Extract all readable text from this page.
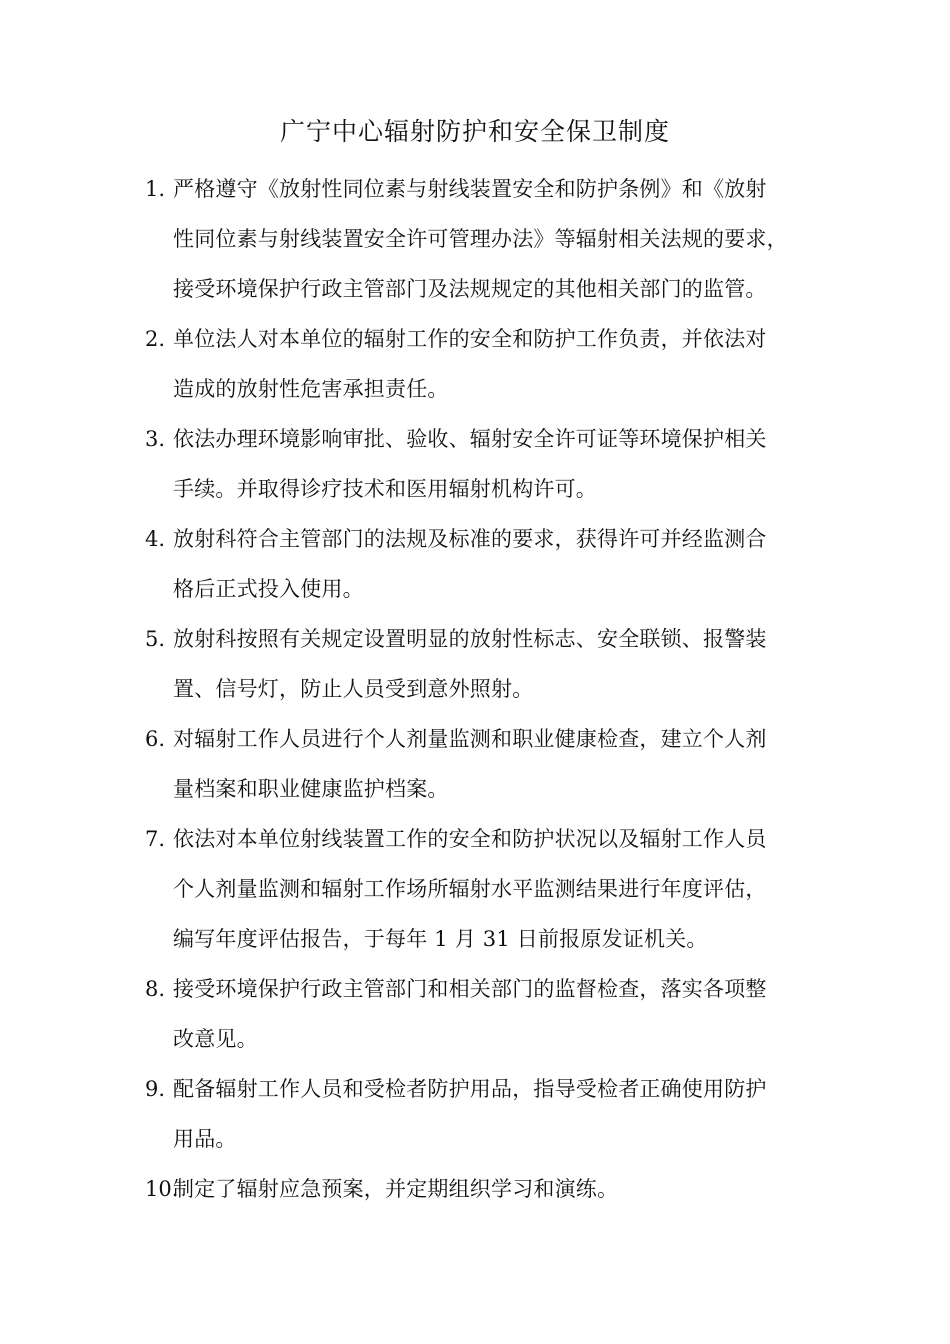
广宁中心辐射防护和安全保卫制度
1. 严格遵守《放射性同位素与射线装置安全和防护条例》和《放射
性同位素与射线装置安全许可管理办法》等辐射相关法规的要求，
接受环境保护行政主管部门及法规规定的其他相关部门的监管。
2. 单位法人对本单位的辐射工作的安全和防护工作负责，并依法对
造成的放射性危害承担责任。
3. 依法办理环境影响审批、验收、辐射安全许可证等环境保护相关
手续。并取得诊疗技术和医用辐射机构许可。
4. 放射科符合主管部门的法规及标准的要求，获得许可并经监测合
格后正式投入使用。
5. 放射科按照有关规定设置明显的放射性标志、安全联锁、报警装
置、信号灯，防止人员受到意外照射。
6. 对辐射工作人员进行个人剂量监测和职业健康检查，建立个人剂
量档案和职业健康监护档案。
7. 依法对本单位射线装置工作的安全和防护状况以及辐射工作人员
个人剂量监测和辐射工作场所辐射水平监测结果进行年度评估，
编写年度评估报告，于每年 1 月 31 日前报原发证机关。
8. 接受环境保护行政主管部门和相关部门的监督检查，落实各项整
改意见。
9. 配备辐射工作人员和受检者防护用品，指导受检者正确使用防护
用品。
10.
制定了辐射应急预案，并定期组织学习和演练。
